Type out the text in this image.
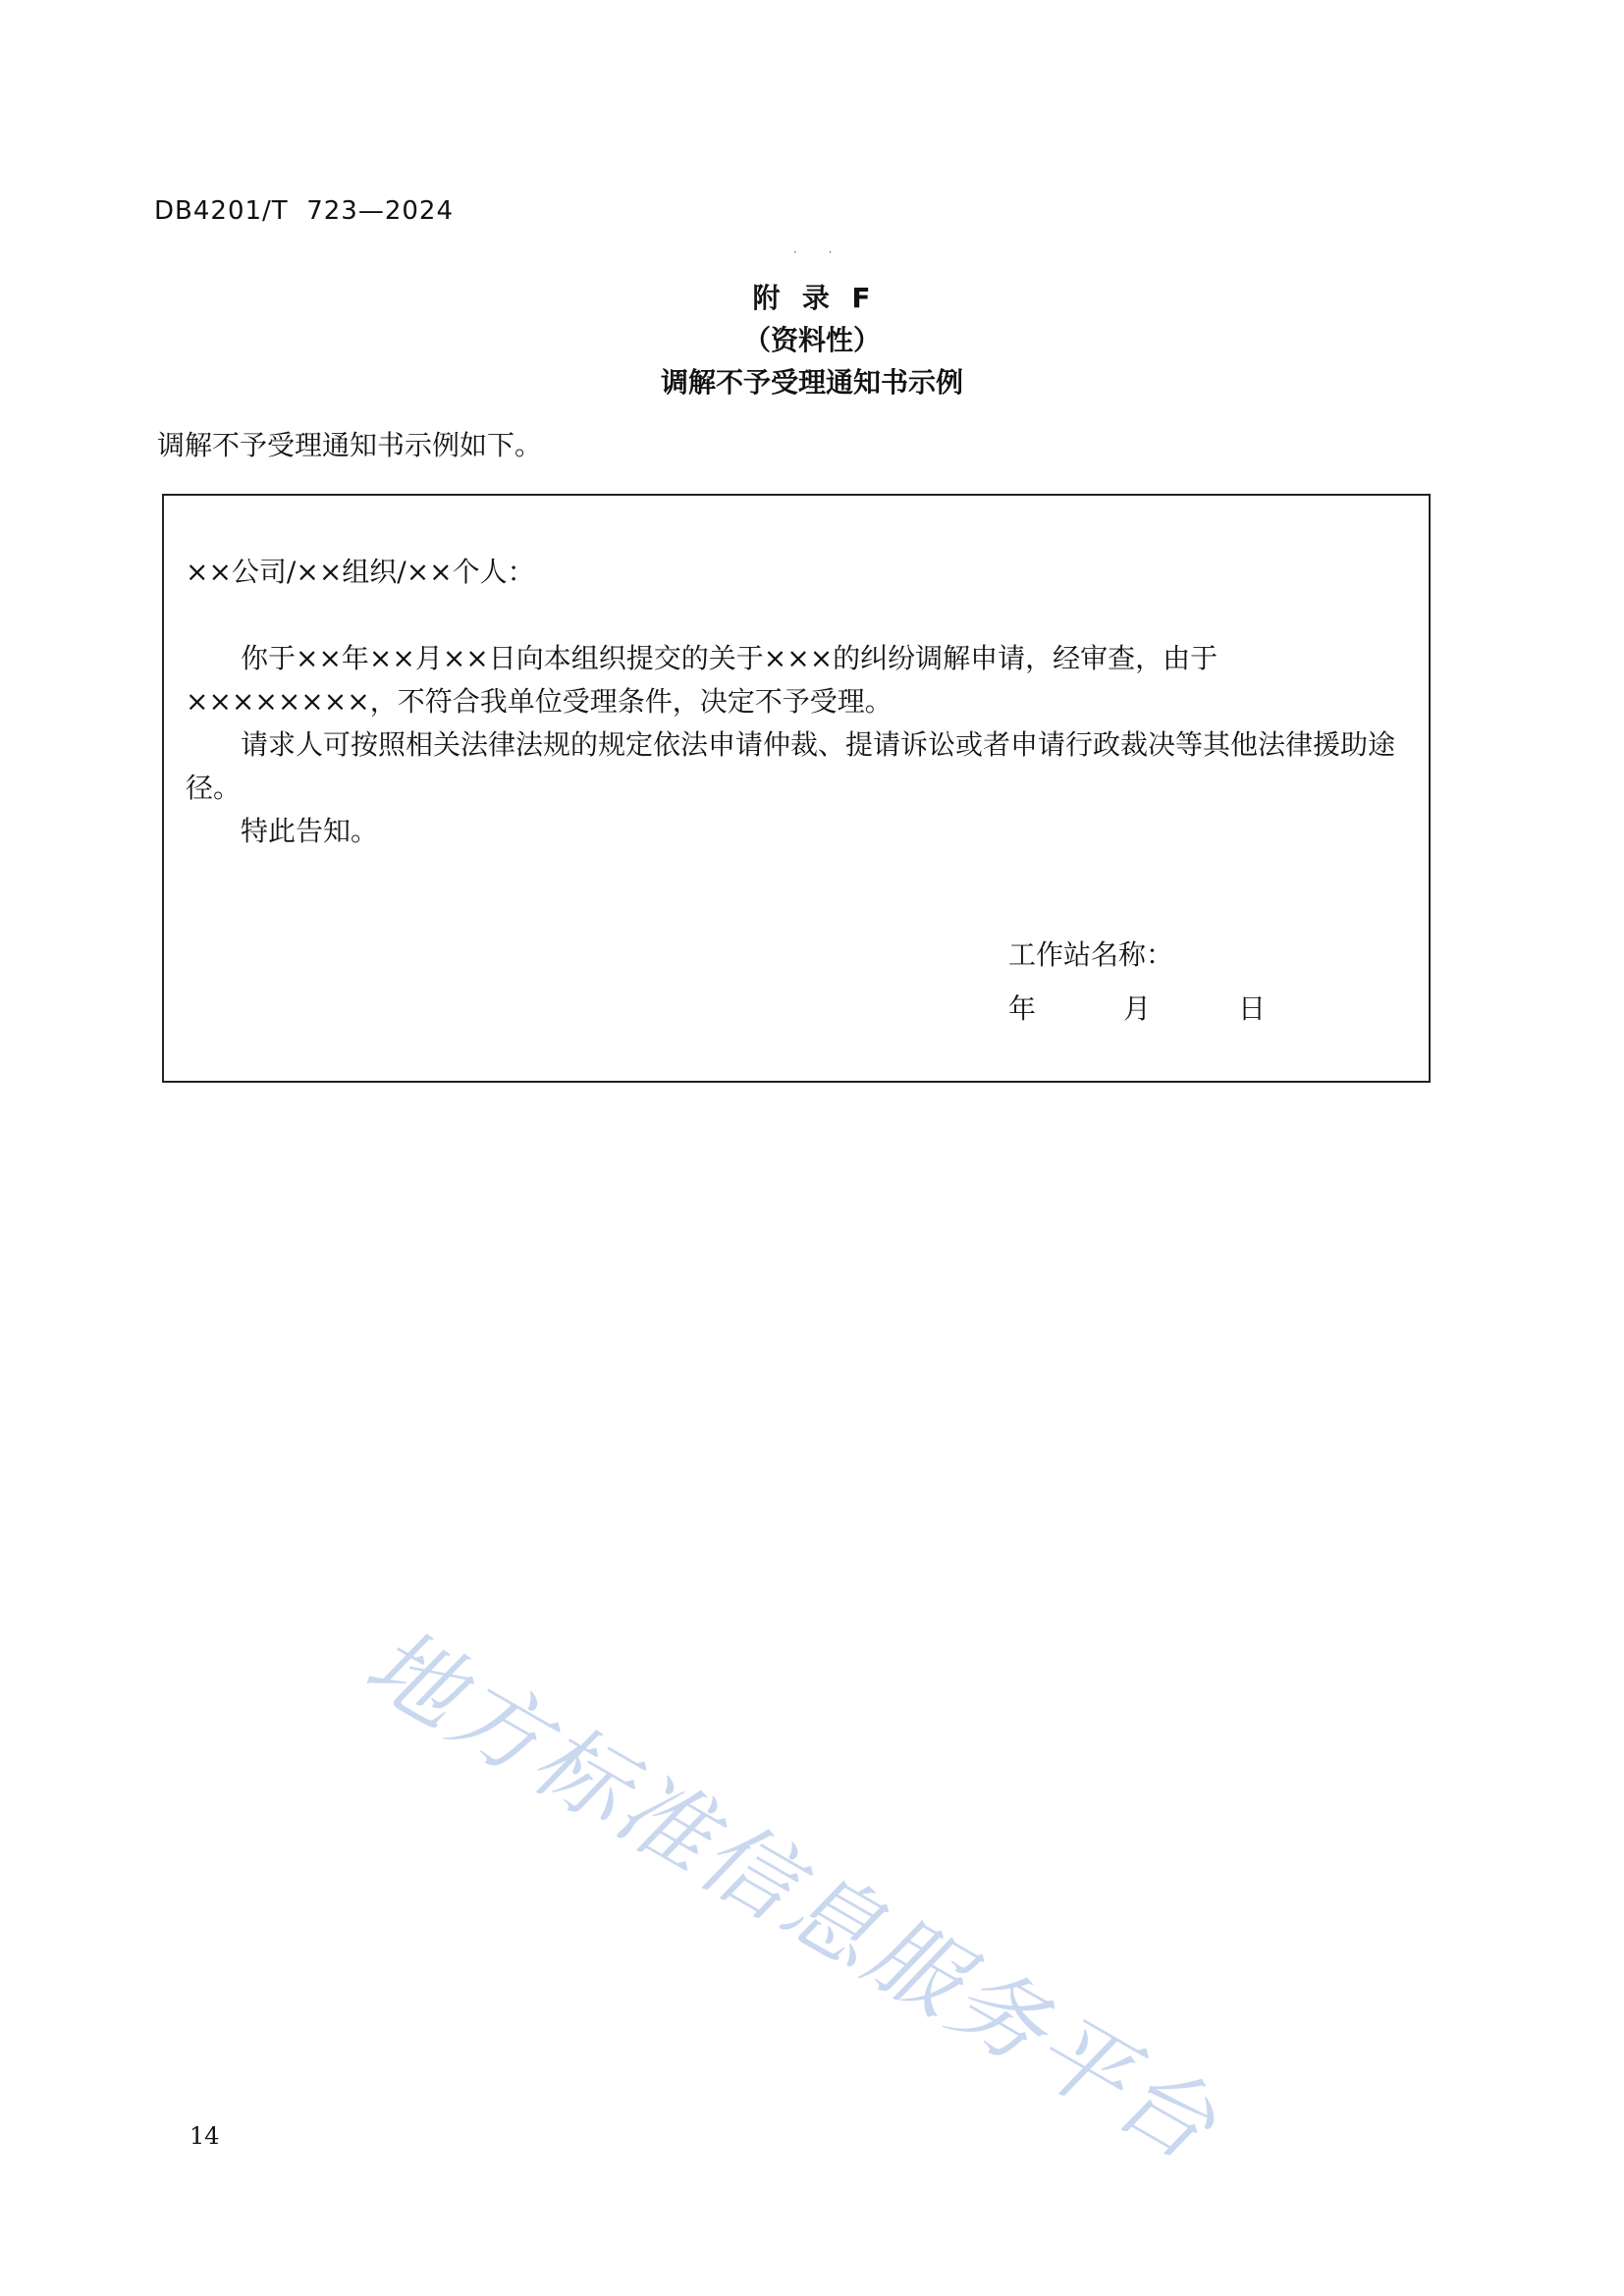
DB4201/T  723—2024
· ·
附  录  F
（资料性）
调解不予受理通知书示例
调解不予受理通知书示例如下。

××公司/××组织/××个人：

你于××年××月××日向本组织提交的关于×××的纠纷调解申请，经审查，由于××××××××，不符合我单位受理条件，决定不予受理。

请求人可按照相关法律法规的规定依法申请仲裁、提请诉讼或者申请行政裁决等其他法律援助途径。

特此告知。

工作站名称：
年          月          日
地方标准信息服务平台
14
